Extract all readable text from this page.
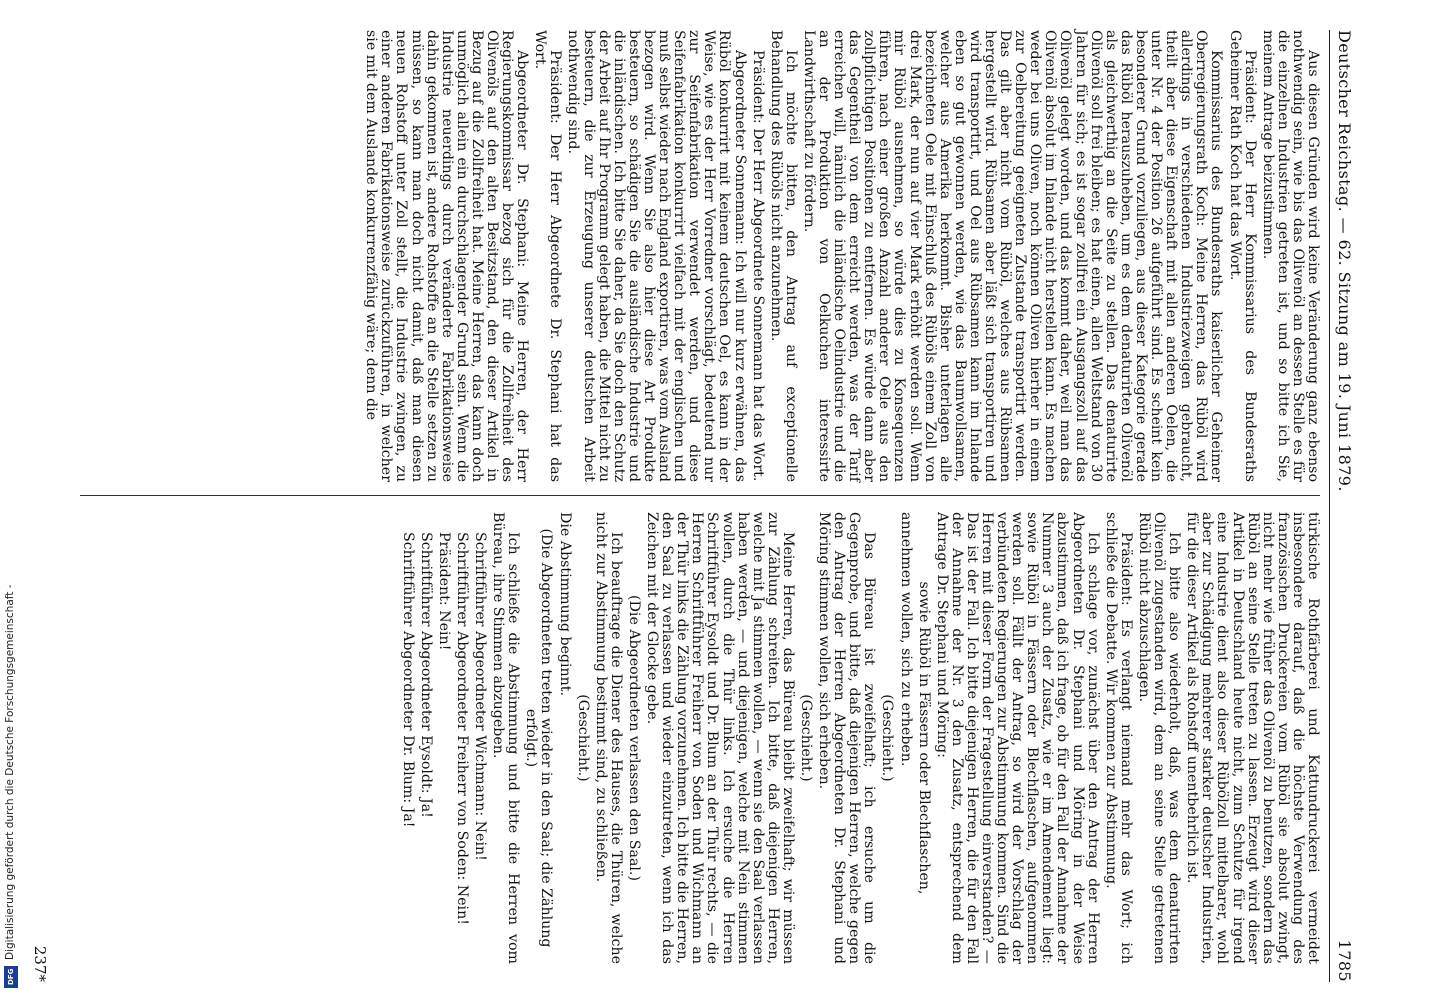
Deutscher Reichstag. — 62. Sitzung am 19. Juni 1879.
1785

Aus diesen Gründen wird keine Veränderung ganz ebenso nothwendig sein, wie bis das Olivenöl an dessen Stelle es für die einzelnen Industrien getreten ist, und so bitte ich Sie, meinem Antrage beizustimmen.

Präsident: Der Herr Kommissarius des Bundesraths Geheimer Rath Koch hat das Wort.

Kommissarius des Bundesraths kaiserlicher Geheimer Oberregierungsrath Koch: Meine Herren, das Rüböl wird allerdings in verschiedenen Industriezweigen gebraucht, theilt aber diese Eigenschaft mit allen anderen Oelen, die unter Nr. 4 der Position 26 aufgeführt sind. Es scheint kein besonderer Grund vorzuliegen, aus dieser Kategorie gerade das Rüböl herauszuheben, um es dem denaturirten Olivenöl als gleichwerthig an die Seite zu stellen. Das denaturirte Olivenöl soll frei bleiben; es hat einen, allen Weltstand von 30 Jahren für sich; es ist sogar zollfrei ein Ausgangszoll auf das Olivenöl gelegt worden, und das kommt daher, weil man das Olivenöl absolut im Inlande nicht herstellen kann. Es machen weder bei uns Oliven, noch können Oliven hierher in einem zur Oelbereitung geeigneten Zustande transportirt werden. Das gilt aber nicht vom Rüböl, welches aus Rübsamen hergestellt wird. Rübsamen aber läßt sich transportiren und wird transportirt, und Oel aus Rübsamen kann im Inlande eben so gut gewonnen werden, wie das Baumwollsamen, welcher aus Amerika herkommt. Bisher unterlagen alle bezeichneten Oele mit Einschluß des Rüböls einem Zoll von drei Mark, der nun auf vier Mark erhöht werden soll. Wenn mir Rüböl ausnehmen, so würde dies zu Konsequenzen führen, nach einer großen Anzahl anderer Oele aus den zollpflichtigen Positionen zu entfernen. Es würde dann aber das Gegentheil von dem erreicht werden, was der Tarif erreichen will, nämlich die inländische Oelindustrie und die an der Produktion von Oelkuchen interessirte Landwirthschaft zu fördern.

Ich möchte bitten, den Antrag auf exceptionelle Behandlung des Rüböls nicht anzunehmen.

Präsident: Der Herr Abgeordnete Sonnemann hat das Wort.

Abgeordneter Sonnemann: Ich will nur kurz erwähnen, das Rüböl konkurrirt mit keinem deutschen Oel, es kann in der Weise, wie es der Herr Vorredner vorschlägt, bedeutend nur zur Seifenfabrikation verwendet werden, und diese Seifenfabrikation konkurrirt vielfach mit der englischen und muß selbst wieder nach England exportiren, was vom Ausland bezogen wird. Wenn Sie also hier diese Art Produkte besteuern, so schädigen Sie die ausländische Industrie und die inländischen. Ich bitte Sie daher, da Sie doch den Schutz der Arbeit auf Ihr Programm gelegt haben, die Mittel nicht zu besteuern, die zur Erzeugung unserer deutschen Arbeit nothwendig sind.

Präsident: Der Herr Abgeordnete Dr. Stephani hat das Wort.

Abgeordneter Dr. Stephani: Meine Herren, der Herr Regierungskommissar bezog sich für die Zollfreiheit des Olivenöls auf den alten Besitzstand, den dieser Artikel in Bezug auf die Zollfreiheit hat. Meine Herren, das kann doch unmöglich allein ein durchschlagender Grund sein. Wenn die Industrie neuerdings durch veränderte Fabrikationsweise dahin gekommen ist, andere Rohstoffe an die Stelle setzen zu müssen, so kann man doch nicht damit, daß man diesen neuen Rohstoff unter Zoll stellt, die Industrie zwingen, zu einer anderen Fabrikationsweise zurückzuführen, in welcher sie mit dem Auslande konkurrenzfähig wäre; denn die

türkische Rothfärberei und Kattundruckerei vermeidet insbesondere darauf, daß die höchste Verwendung des französischen Druckereien vom Rüböl sie absolut zwingt, nicht mehr wie früher das Olivenöl zu benutzen, sondern das Rüböl an seine Stelle treten zu lassen. Erzeugt wird dieser Artikel in Deutschland heute nicht, zum Schutze für irgend eine Industrie dient also dieser Rübölzoll mittelbarer, wohl aber zur Schädigung mehrerer starker deutscher Industrien, für die dieser Artikel als Rohstoff unentbehrlich ist.

Ich bitte also wiederholt, daß, was dem denaturirten Olivenöl zugestanden wird, dem an seine Stelle getretenen Rüböl nicht abzuschlagen.

Präsident: Es verlangt niemand mehr das Wort; ich schließe die Debatte. Wir kommen zur Abstimmung.

Ich schlage vor, zunächst über den Antrag der Herren Abgeordneten Dr. Stephani und Möring in der Weise abzustimmen, daß ich frage, ob für den Fall der Annahme der Nummer 3 auch der Zusatz, wie er im Amendement liegt: sowie Rüböl in Fässern oder Blechflaschen, aufgenommen werden soll. Fällt der Antrag, so wird der Vorschlag der verbündeten Regierungen zur Abstimmung kommen. Sind die Herren mit dieser Form der Fragestellung einverstanden? — Das ist der Fall. Ich bitte diejenigen Herren, die für den Fall der Annahme der Nr. 3 den Zusatz, entsprechend dem Antrage Dr. Stephani und Möring:

sowie Rüböl in Fässern oder Blechflaschen,

annehmen wollen, sich zu erheben.

(Geschieht.)

Das Büreau ist zweifelhaft; ich ersuche um die Gegenprobe, und bitte, daß diejenigen Herren, welche gegen den Antrag der Herren Abgeordneten Dr. Stephani und Möring stimmen wollen, sich erheben.

(Geschieht.)

Meine Herren, das Büreau bleibt zweifelhaft; wir müssen zur Zählung schreiten. Ich bitte, daß diejenigen Herren, welche mit Ja stimmen wollen, — wenn sie den Saal verlassen haben werden, — und diejenigen, welche mit Nein stimmen wollen, durch die Thür links. Ich ersuche die Herren Schriftführer Eysoldt und Dr. Blum an der Thür rechts, — die Herren Schriftführer Freiherr von Soden und Wichmann an der Thür links die Zählung vorzunehmen. Ich bitte die Herren, den Saal zu verlassen und wieder einzutreten, wenn ich das Zeichen mit der Glocke gebe.

(Die Abgeordneten verlassen den Saal.)

Ich beauftrage die Diener des Hauses, die Thüren, welche nicht zur Abstimmung bestimmt sind, zu schließen.

(Geschieht.)

Die Abstimmung beginnt.

(Die Abgeordneten treten wieder in den Saal; die Zählung erfolgt.)

Ich schließe die Abstimmung und bitte die Herren vom Büreau, ihre Stimmen abzugeben.

Schriftführer Abgeordneter Wichmann: Nein!

Schriftführer Abgeordneter Freiherr von Soden: Nein!

Präsident: Nein!

Schriftführer Abgeordneter Eysoldt: Ja!

Schriftführer Abgeordneter Dr. Blum: Ja!

237*
Digitalisierung gefördert durch die Deutsche Forschungsgemeinschaft -
DFG
